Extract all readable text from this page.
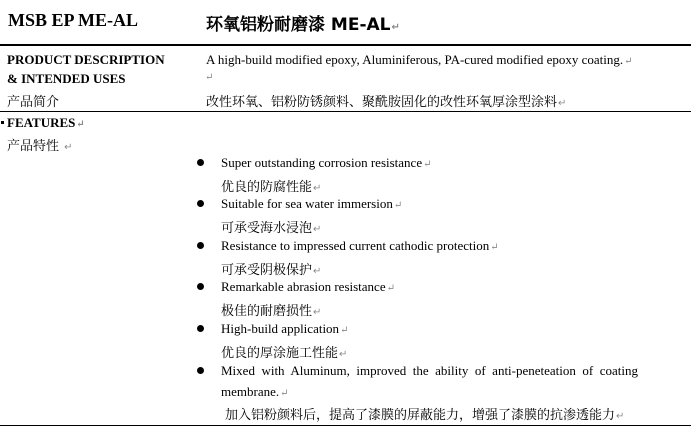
MSB EP ME-AL	环氧铝粉耐磨漆 ME-AL↵
PRODUCT DESCRIPTION
& INTENDED USES
产品简介
A high-build modified epoxy, Aluminiferous, PA-cured modified epoxy coating.↵
↵
改性环氧、铝粉防锈颜料、聚酰胺固化的改性环氧厚涂型涂料↵
FEATURES↵
产品特性 ↵
Super outstanding corrosion resistance↵
优良的防腐性能↵
Suitable for sea water immersion↵
可承受海水浸泡↵
Resistance to impressed current cathodic protection↵
可承受阴极保护↵
Remarkable abrasion resistance↵
极佳的耐磨损性↵
High-build application↵
优良的厚涂施工性能↵
Mixed  with  Aluminum,  improved  the  ability  of  anti-peneteation  of  coating
membrane.↵
加入铝粉颜料后，提高了漆膜的屏蔽能力，增强了漆膜的抗渗透能力↵
